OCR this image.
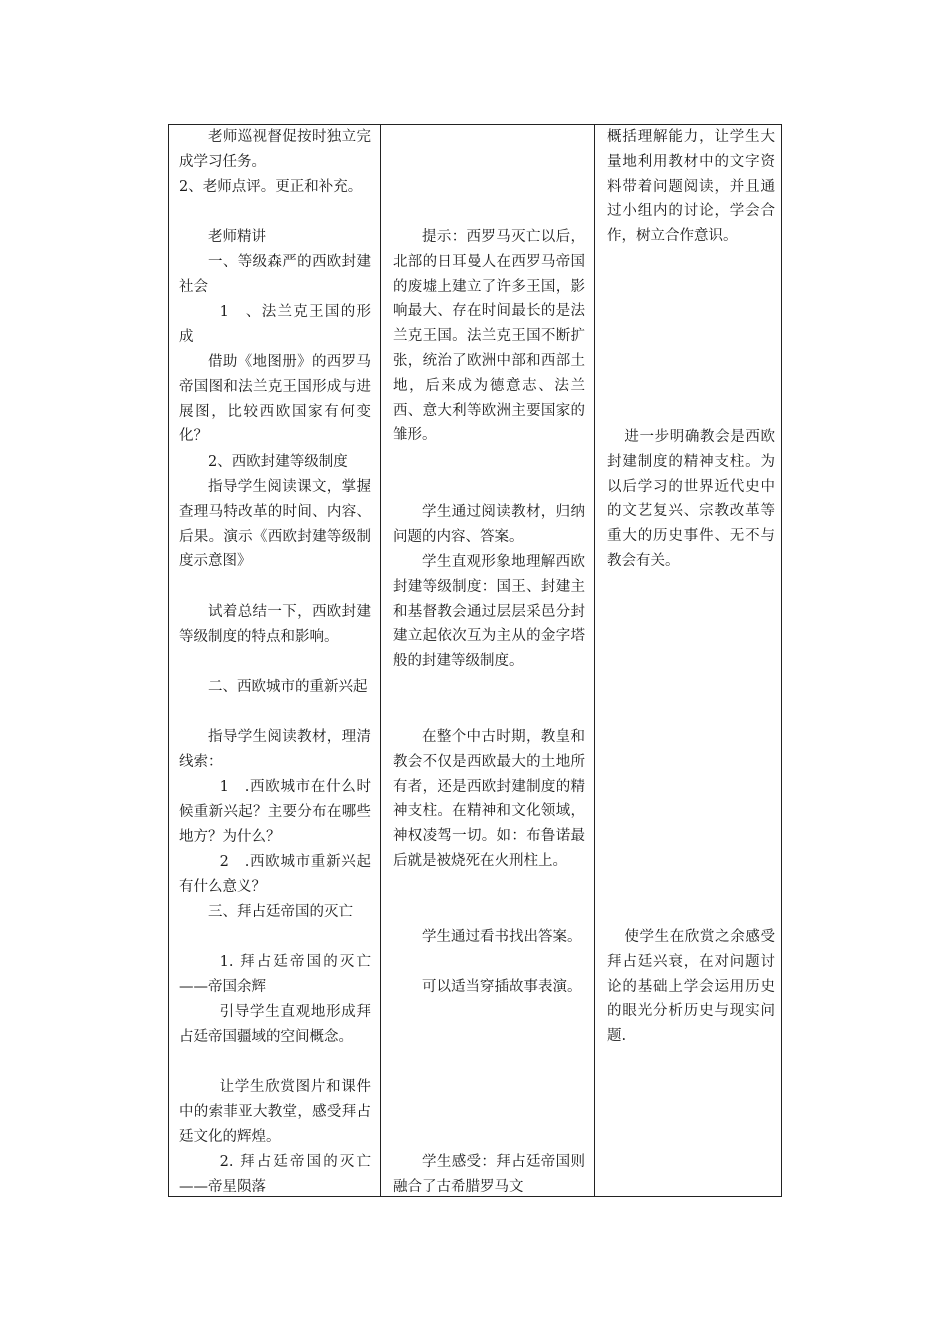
老师巡视督促按时独立完成学习任务。

2、老师点评。更正和补充。

老师精讲

一、等级森严的西欧封建社会

1　、法兰克王国的形成

借助《地图册》的西罗马帝国图和法兰克王国形成与进展图，比较西欧国家有何变化？

2、西欧封建等级制度

指导学生阅读课文，掌握查理马特改革的时间、内容、后果。演示《西欧封建等级制度示意图》

试着总结一下，西欧封建等级制度的特点和影响。

二、西欧城市的重新兴起

指导学生阅读教材，理清线索：

1　.西欧城市在什么时候重新兴起？主要分布在哪些地方？为什么？

2　.西欧城市重新兴起有什么意义？

三、拜占廷帝国的灭亡

1. 拜占廷帝国的灭亡——帝国余辉

引导学生直观地形成拜占廷帝国疆域的空间概念。

让学生欣赏图片和课件中的索菲亚大教堂，感受拜占廷文化的辉煌。

2. 拜占廷帝国的灭亡——帝星陨落

提示：西罗马灭亡以后，北部的日耳曼人在西罗马帝国的废墟上建立了许多王国，影响最大、存在时间最长的是法兰克王国。法兰克王国不断扩张，统治了欧洲中部和西部土地，后来成为德意志、法兰西、意大利等欧洲主要国家的雏形。

学生通过阅读教材，归纳问题的内容、答案。

学生直观形象地理解西欧封建等级制度：国王、封建主和基督教会通过层层采邑分封建立起依次互为主从的金字塔般的封建等级制度。

在整个中古时期，教皇和教会不仅是西欧最大的土地所有者，还是西欧封建制度的精神支柱。在精神和文化领域，神权凌驾一切。如：布鲁诺最后就是被烧死在火刑柱上。

学生通过看书找出答案。

可以适当穿插故事表演。

学生感受：拜占廷帝国则融合了古希腊罗马文

概括理解能力，让学生大量地利用教材中的文字资料带着问题阅读，并且通过小组内的讨论，学会合作，树立合作意识。

进一步明确教会是西欧封建制度的精神支柱。为以后学习的世界近代史中的文艺复兴、宗教改革等重大的历史事件、无不与教会有关。

使学生在欣赏之余感受拜占廷兴衰，在对问题讨论的基础上学会运用历史的眼光分析历史与现实问题.
